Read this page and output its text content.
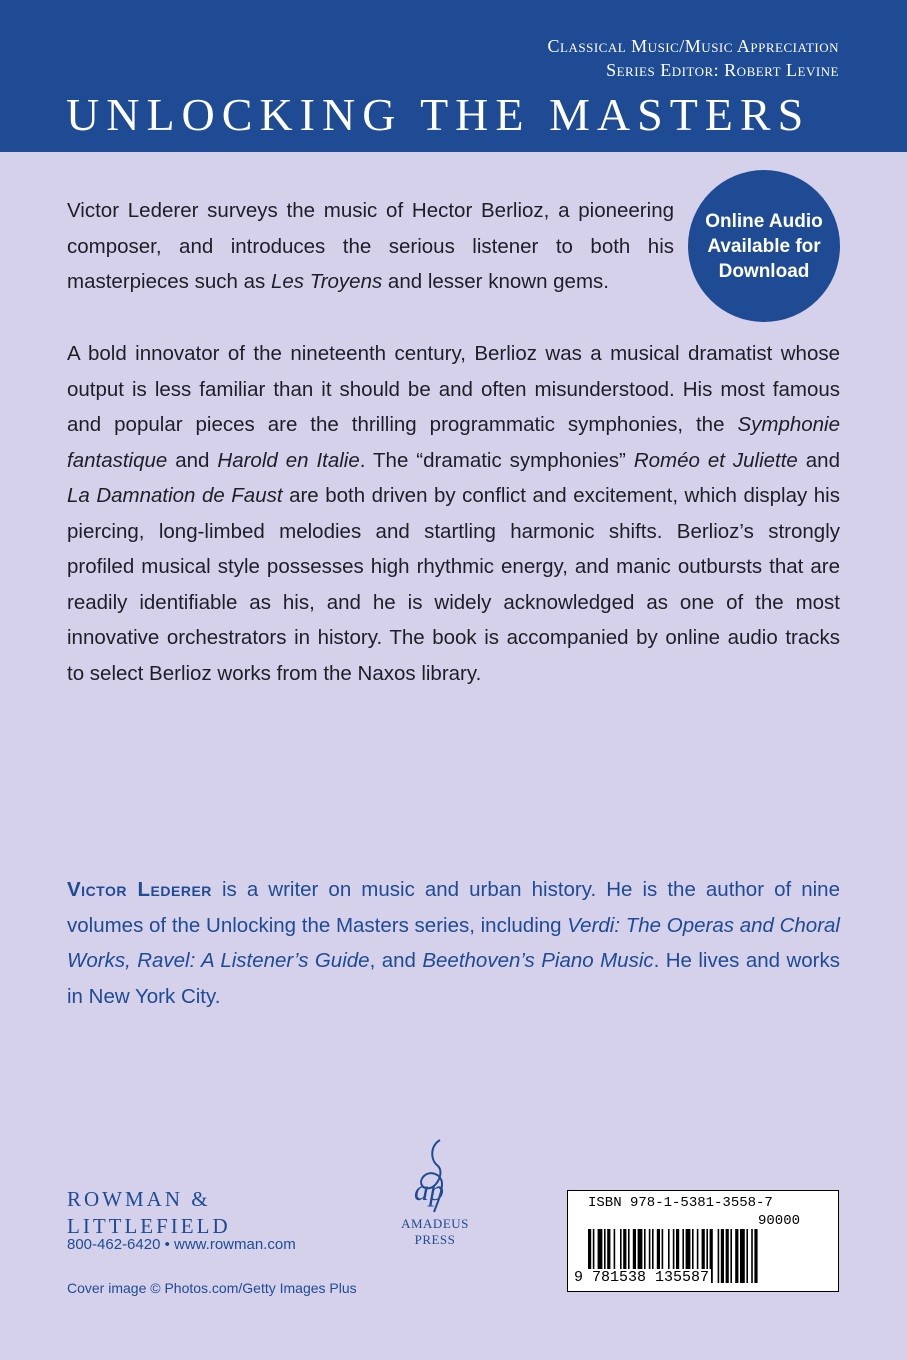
Classical Music/Music Appreciation
Series Editor: Robert Levine
UNLOCKING THE MASTERS
Online Audio
Available for
Download

Victor Lederer surveys the music of Hector Berlioz, a pioneering composer, and introduces the serious listener to both his masterpieces such as Les Troyens and lesser known gems.

A bold innovator of the nineteenth century, Berlioz was a musical dramatist whose output is less familiar than it should be and often misunderstood. His most famous and popular pieces are the thrilling programmatic symphonies, the Symphonie fantastique and Harold en Italie. The “dramatic symphonies” Roméo et Juliette and La Damnation de Faust are both driven by conflict and excitement, which display his piercing, long-limbed melodies and startling harmonic shifts. Berlioz’s strongly profiled musical style possesses high rhythmic energy, and manic outbursts that are readily identifiable as his, and he is widely acknowledged as one of the most innovative orchestrators in history. The book is accompanied by online audio tracks to select Berlioz works from the Naxos library.

Victor Lederer is a writer on music and urban history. He is the author of nine volumes of the Unlocking the Masters series, including Verdi: The Operas and Choral Works, Ravel: A Listener’s Guide, and Beethoven’s Piano Music. He lives and works in New York City.

ROWMAN &
LITTLEFIELD
800-462-6420 • www.rowman.com
Cover image © Photos.com/Getty Images Plus
ap
AMADEUS
PRESS
ISBN 978-1-5381-3558-7
90000
9 781538 135587
